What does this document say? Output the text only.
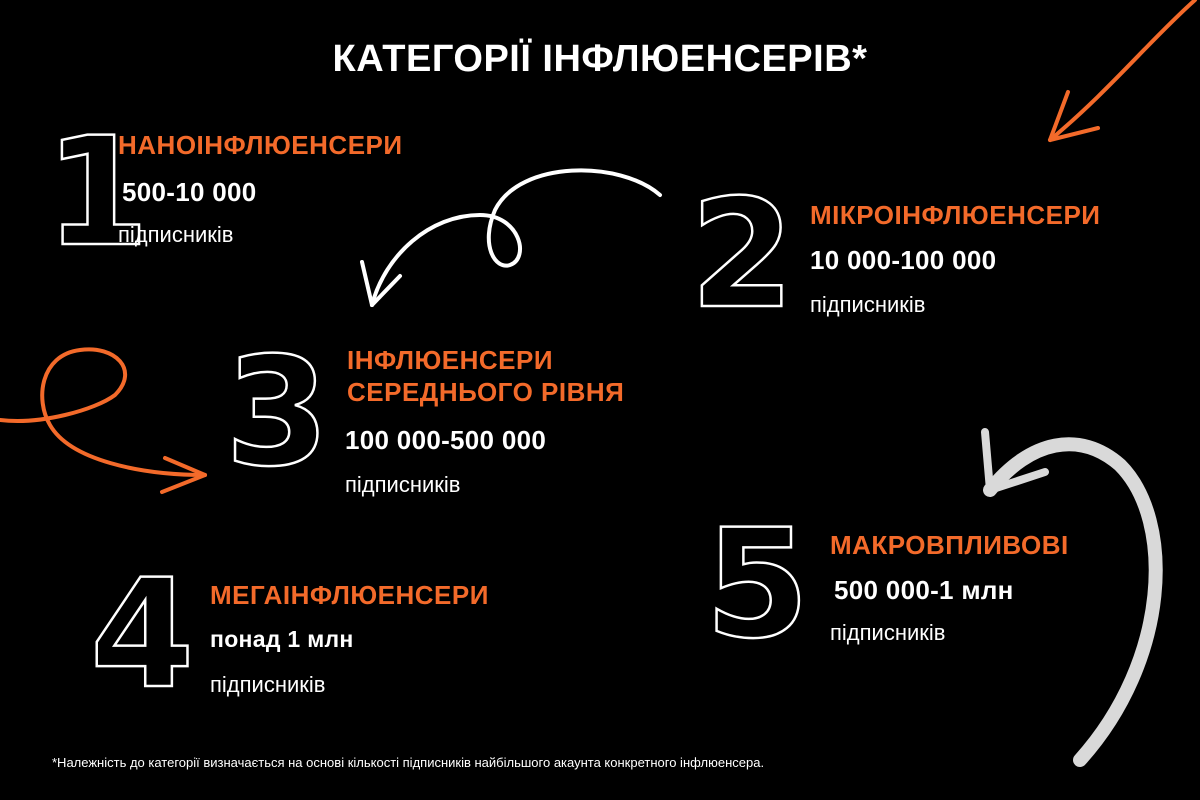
КАТЕГОРІЇ ІНФЛЮЕНСЕРІВ*
1
НАНОІНФЛЮЕНСЕРИ
500-10 000
підписників	2 МІКРОІНФЛЮЕНСЕРИ
10 000-100 000
підписників
3 ІНФЛЮЕНСЕРИ
СЕРЕДНЬОГО РІВНЯ
100 000-500 000
підписників
4 МЕГАІНФЛЮЕНСЕРИ
понад 1 млн
підписників
5 МАКРОВПЛИВОВІ
500 000-1 млн
підписників
*Належність до категорії визначається на основі кількості підписників найбільшого акаунта конкретного інфлюенсера.
